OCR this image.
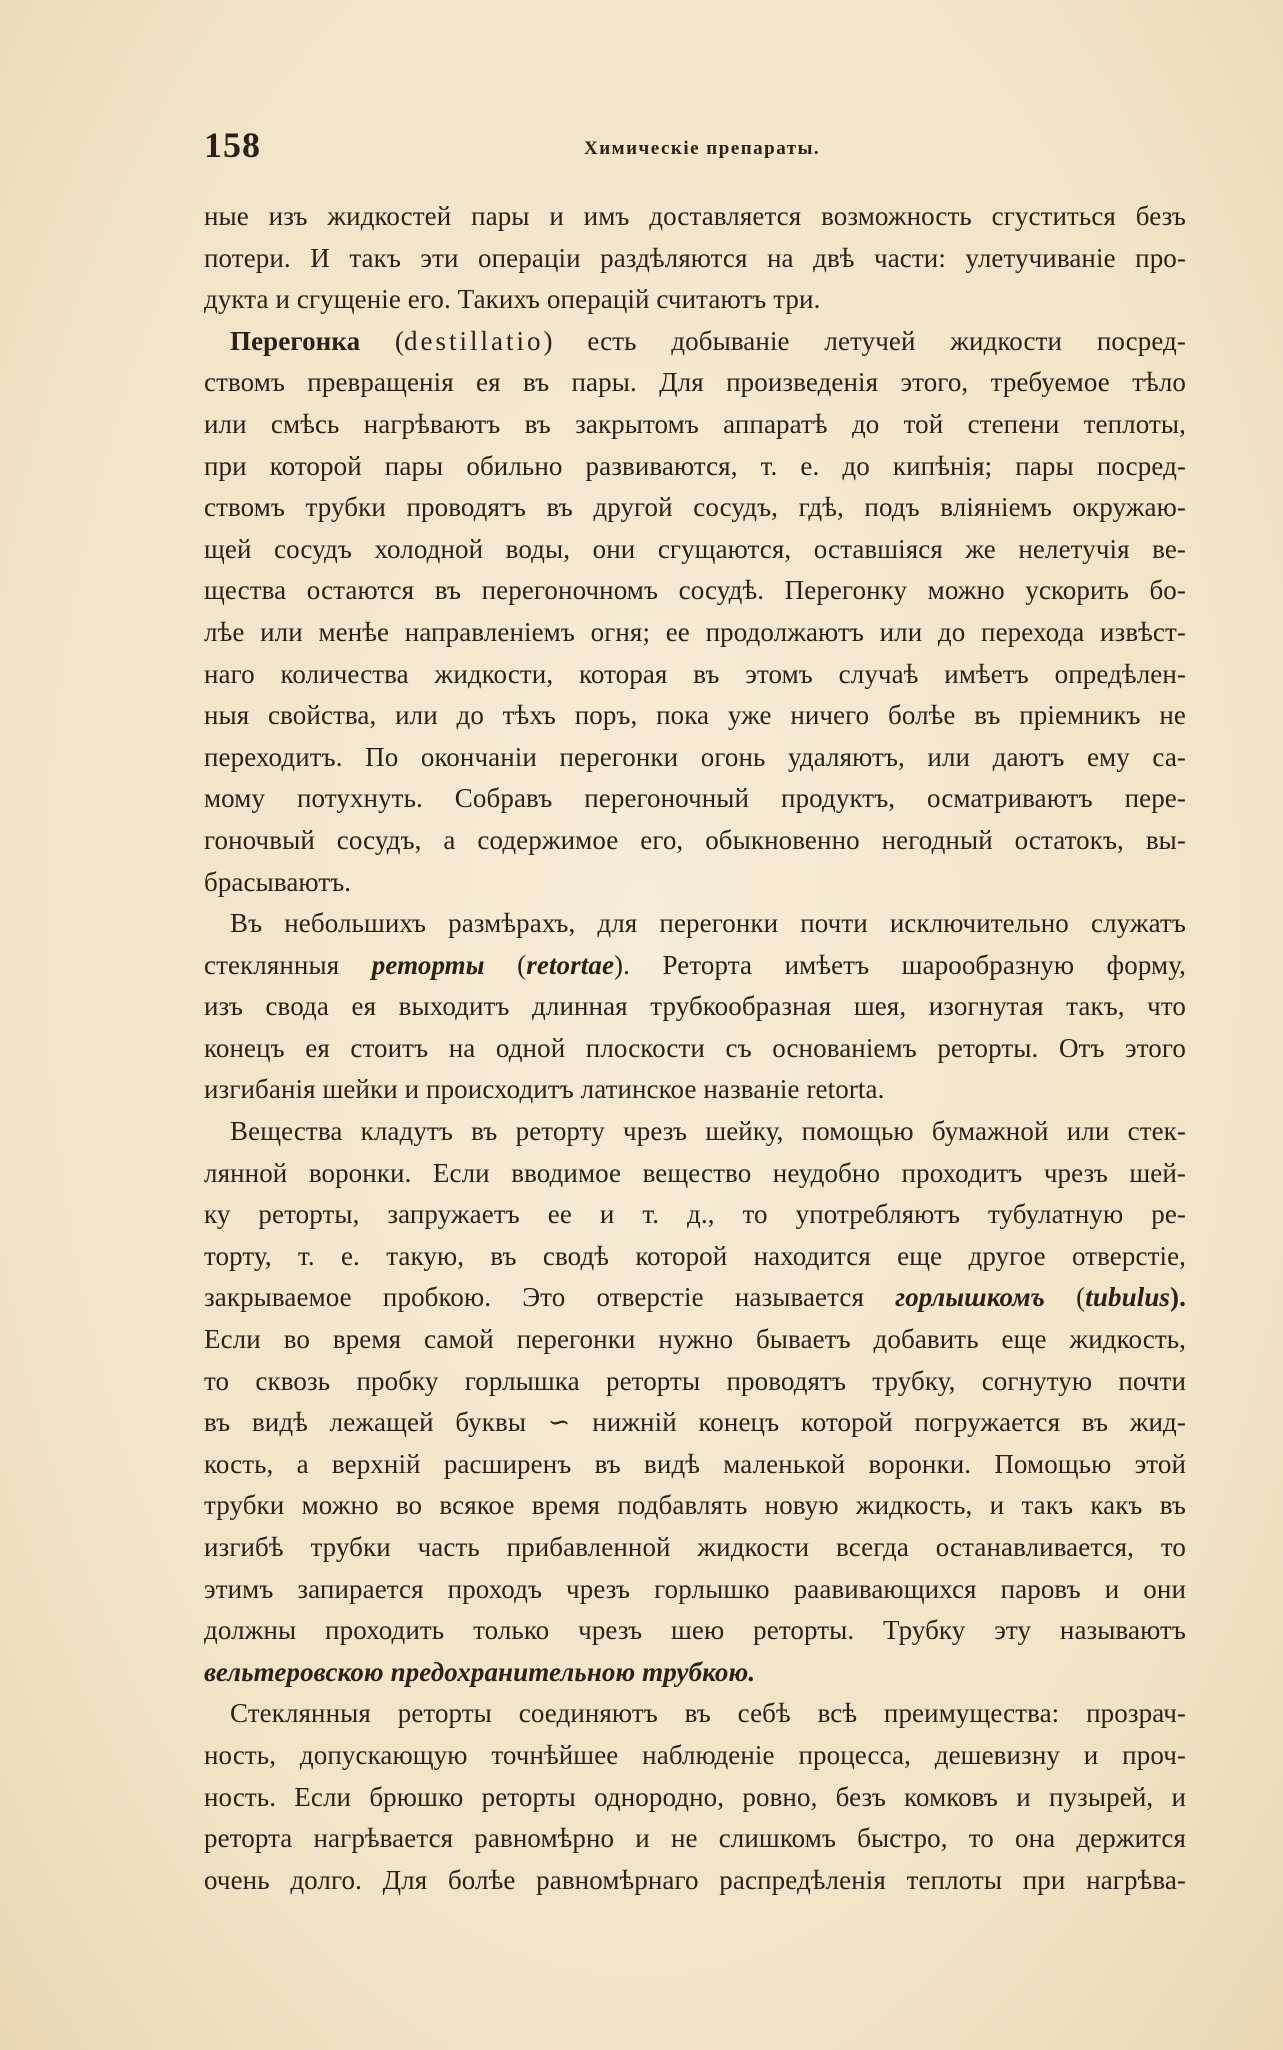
158	Химическіе препараты.
ные изъ жидкостей пары и имъ доставляется возможность сгуститься безъ
потери. И такъ эти операціи раздѣляются на двѣ части: улетучиваніе про-
дукта и сгущеніе его. Такихъ операцій считаютъ три.
Перегонка (destillatio) есть добываніе летучей жидкости посред-
ствомъ превращенія ея въ пары. Для произведенія этого, требуемое тѣло
или смѣсь нагрѣваютъ въ закрытомъ аппаратѣ до той степени теплоты,
при которой пары обильно развиваются, т. е. до кипѣнія; пары посред-
ствомъ трубки проводятъ въ другой сосудъ, гдѣ, подъ вліяніемъ окружаю-
щей сосудъ холодной воды, они сгущаются, оставшіяся же нелетучія ве-
щества остаются въ перегоночномъ сосудѣ. Перегонку можно ускорить бо-
лѣе или менѣе направленіемъ огня; ее продолжаютъ или до перехода извѣст-
наго количества жидкости, которая въ этомъ случаѣ имѣетъ опредѣлен-
ныя свойства, или до тѣхъ поръ, пока уже ничего болѣе въ пріемникъ не
переходитъ. По окончаніи перегонки огонь удаляютъ, или даютъ ему са-
мому потухнуть. Собравъ перегоночный продуктъ, осматриваютъ пере-
гоночвый сосудъ, а содержимое его, обыкновенно негодный остатокъ, вы-
брасываютъ.
Въ небольшихъ размѣрахъ, для перегонки почти исключительно служатъ
стеклянныя реторты (retortae). Реторта имѣетъ шарообразную форму,
изъ свода ея выходитъ длинная трубкообразная шея, изогнутая такъ, что
конецъ ея стоитъ на одной плоскости съ основаніемъ реторты. Отъ этого
изгибанія шейки и происходитъ латинское названіе retorta.
Вещества кладутъ въ реторту чрезъ шейку, помощью бумажной или стек-
лянной воронки. Если вводимое вещество неудобно проходитъ чрезъ шей-
ку реторты, запружаетъ ее и т. д., то употребляютъ тубулатную ре-
торту, т. е. такую, въ сводѣ которой находится еще другое отверстіе,
закрываемое пробкою. Это отверстіе называется горлышкомъ (tubulus).
Если во время самой перегонки нужно бываетъ добавить еще жидкость,
то сквозь пробку горлышка реторты проводятъ трубку, согнутую почти
въ видѣ лежащей буквы ∽ нижній конецъ которой погружается въ жид-
кость, а верхній расширенъ въ видѣ маленькой воронки. Помощью этой
трубки можно во всякое время подбавлять новую жидкость, и такъ какъ въ
изгибѣ трубки часть прибавленной жидкости всегда останавливается, то
этимъ запирается проходъ чрезъ горлышко раавивающихся паровъ и они
должны проходить только чрезъ шею реторты. Трубку эту называютъ
вельтеровскою предохранительною трубкою.
Стеклянныя реторты соединяютъ въ себѣ всѣ преимущества: прозрач-
ность, допускающую точнѣйшее наблюденіе процесса, дешевизну и проч-
ность. Если брюшко реторты однородно, ровно, безъ комковъ и пузырей, и
реторта нагрѣвается равномѣрно и не слишкомъ быстро, то она держится
очень долго. Для болѣе равномѣрнаго распредѣленія теплоты при нагрѣва-
